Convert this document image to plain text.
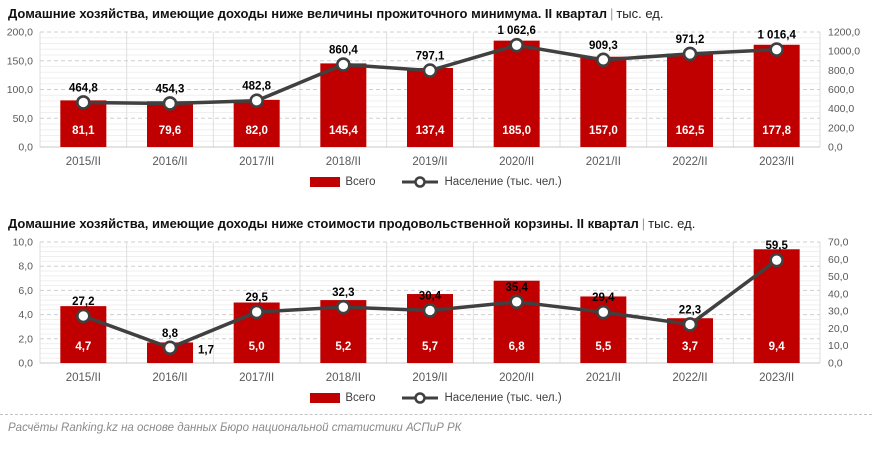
Домашние хозяйства, имеющие доходы ниже величины прожиточного минимума. II квартал | тыс. ед.
0,0
50,0
100,0
150,0
200,0
0,0
200,0
400,0
600,0
800,0
1000,0
1200,0
81,1	79,6	82,0	145,4	137,4	185,0	157,0	162,5	177,8
464,8	454,3	482,8
860,4
797,1
1 062,6
909,3	971,2	1 016,4
2015/II	2016/II	2017/II	2018/II	2019/II	2020/II	2021/II	2022/II	2023/II
Всего	Население (тыс. чел.)
Домашние хозяйства, имеющие доходы ниже стоимости продовольственной корзины. II квартал | тыс. ед.
0,0
2,0
4,0
6,0
8,0
10,0
0,0
10,0
20,0
30,0
40,0
50,0
60,0
70,0
4,7	1,7	5,0	5,2	5,7	6,8	5,5	3,7	9,4
27,2
8,8
29,5	32,3	30,4
35,4
29,4
22,3
59,5
2015/II	2016/II	2017/II	2018/II	2019/II	2020/II	2021/II	2022/II	2023/II
Всего	Население (тыс. чел.)
Расчёты Ranking.kz на основе данных Бюро национальной статистики АСПиР РК
